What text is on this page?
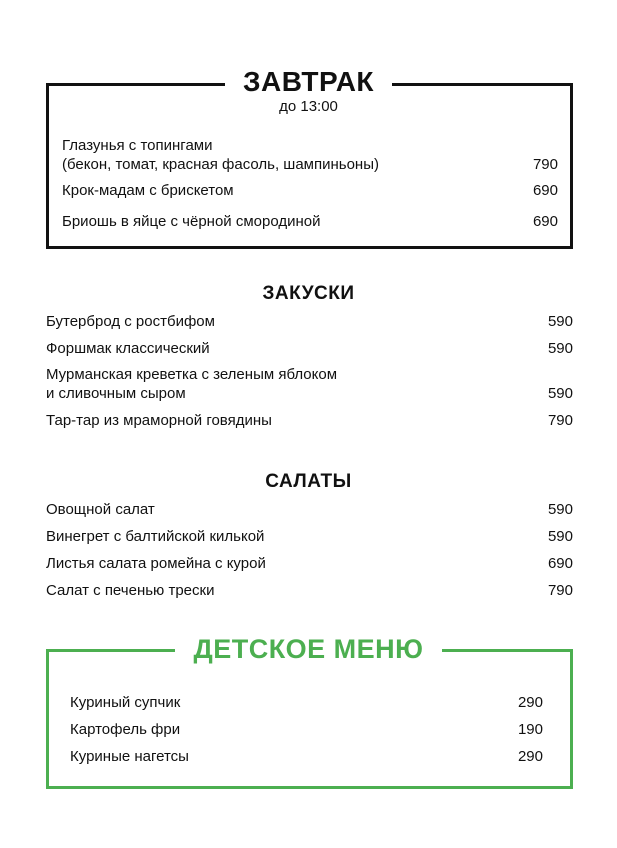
ЗАВТРАК
до 13:00
Глазунья с топингами
(бекон, томат, красная фасоль, шампиньоны)	790
Крок-мадам с брискетом	690
Бриошь в яйце с чёрной смородиной	690
ЗАКУСКИ
Бутерброд с ростбифом	590
Форшмак классический	590
Мурманская креветка с зеленым яблоком
и сливочным сыром	590
Тар-тар из мраморной говядины	790
САЛАТЫ
Овощной салат	590
Винегрет с балтийской килькой	590
Листья салата ромейна с курой	690
Салат с печенью трески	790
ДЕТСКОЕ МЕНЮ
Куриный супчик	290
Картофель фри	190
Куриные нагетсы	290
